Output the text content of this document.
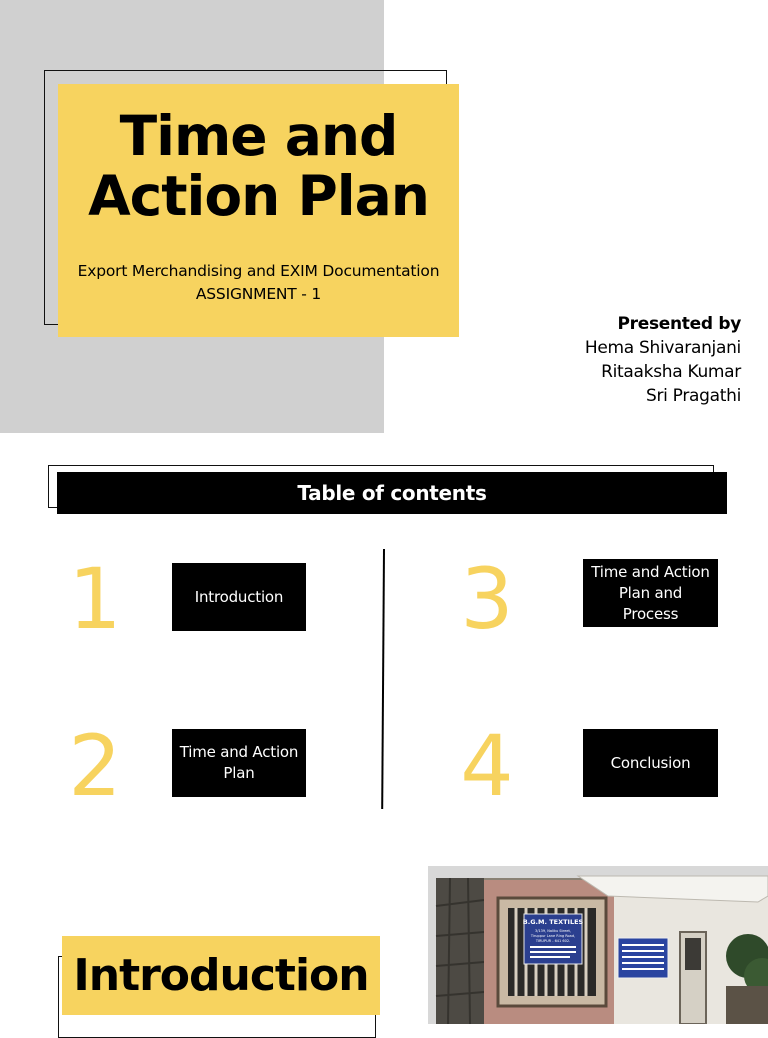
Time and
Action Plan
Export Merchandising and EXIM Documentation
ASSIGNMENT - 1
Presented by
Hema Shivaranjani
Ritaaksha Kumar
Sri Pragathi
Table of contents
1	Introduction
2	Time and Action
Plan
3	Time and Action
Plan and
Process
4	Conclusion
Introduction
B.G.M. TEXTILES
3/139, Naliku Street,
Tiruppur Lane Ring Road,
TIRUPUR - 641 602.
